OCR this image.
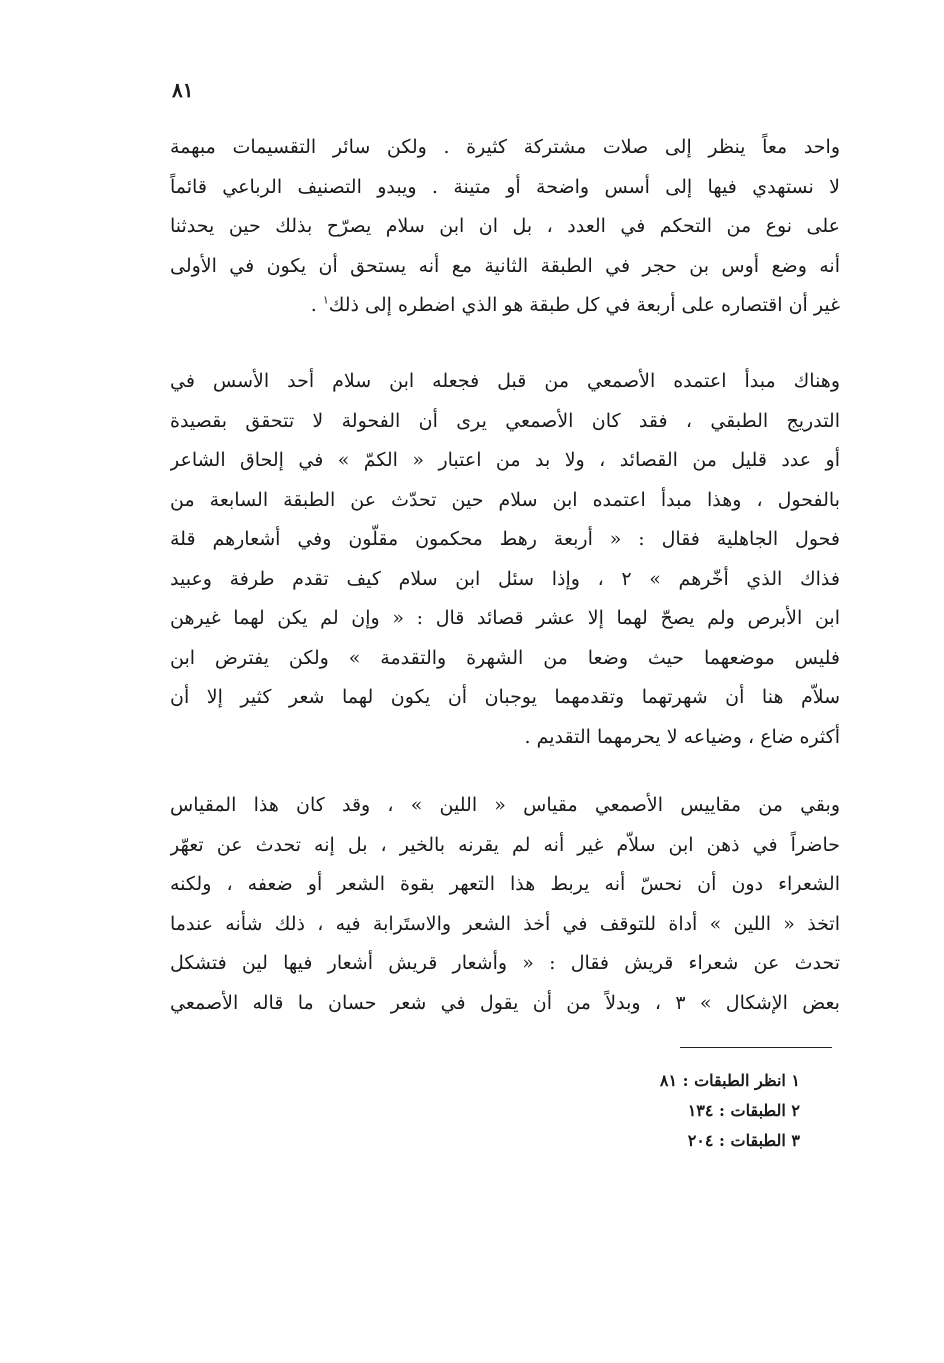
٨١
واحد معاً ينظر إلى صلات مشتركة كثيرة . ولكن سائر التقسيمات مبهمة
لا نستهدي فيها إلى أسس واضحة أو متينة . ويبدو التصنيف الرباعي قائماً
على نوع من التحكم في العدد ، بل ان ابن سلام يصرّح بذلك حين يحدثنا
أنه وضع أوس بن حجر في الطبقة الثانية مع أنه يستحق أن يكون في الأولى
غير أن اقتصاره على أربعة في كل طبقة هو الذي اضطره إلى ذلك$^١$ .
وهناك مبدأ اعتمده الأصمعي من قبل فجعله ابن سلام أحد الأسس في
التدريج الطبقي ، فقد كان الأصمعي يرى أن الفحولة لا تتحقق بقصيدة
أو عدد قليل من القصائد ، ولا بد من اعتبار « الكمّ » في إلحاق الشاعر
بالفحول ، وهذا مبدأ اعتمده ابن سلام حين تحدّث عن الطبقة السابعة من
فحول الجاهلية فقال : « أربعة رهط محكمون مقلّون وفي أشعارهم قلة
فذاك الذي أخّرهم » ٢ ، وإذا سئل ابن سلام كيف تقدم طرفة وعبيد
ابن الأبرص ولم يصحّ لهما إلا عشر قصائد قال : « وإن لم يكن لهما غيرهن
فليس موضعهما حيث وضعا من الشهرة والتقدمة » ولكن يفترض ابن
سلاّم هنا أن شهرتهما وتقدمهما يوجبان أن يكون لهما شعر كثير إلا أن
أكثره ضاع ، وضياعه لا يحرمهما التقديم .
وبقي من مقاييس الأصمعي مقياس « اللين » ، وقد كان هذا المقياس
حاضراً في ذهن ابن سلاّم غير أنه لم يقرنه بالخير ، بل إنه تحدث عن تعهّر
الشعراء دون أن نحسّ أنه يربط هذا التعهر بقوة الشعر أو ضعفه ، ولكنه
اتخذ « اللين » أداة للتوقف في أخذ الشعر والاستَرابة فيه ، ذلك شأنه عندما
تحدث عن شعراء قريش فقال : « وأشعار قريش أشعار فيها لين فتشكل
بعض الإشكال » ٣ ، وبدلاً من أن يقول في شعر حسان ما قاله الأصمعي
١ انظر الطبقات : ٨١
٢ الطبقات : ١٣٤
٣ الطبقات : ٢٠٤
